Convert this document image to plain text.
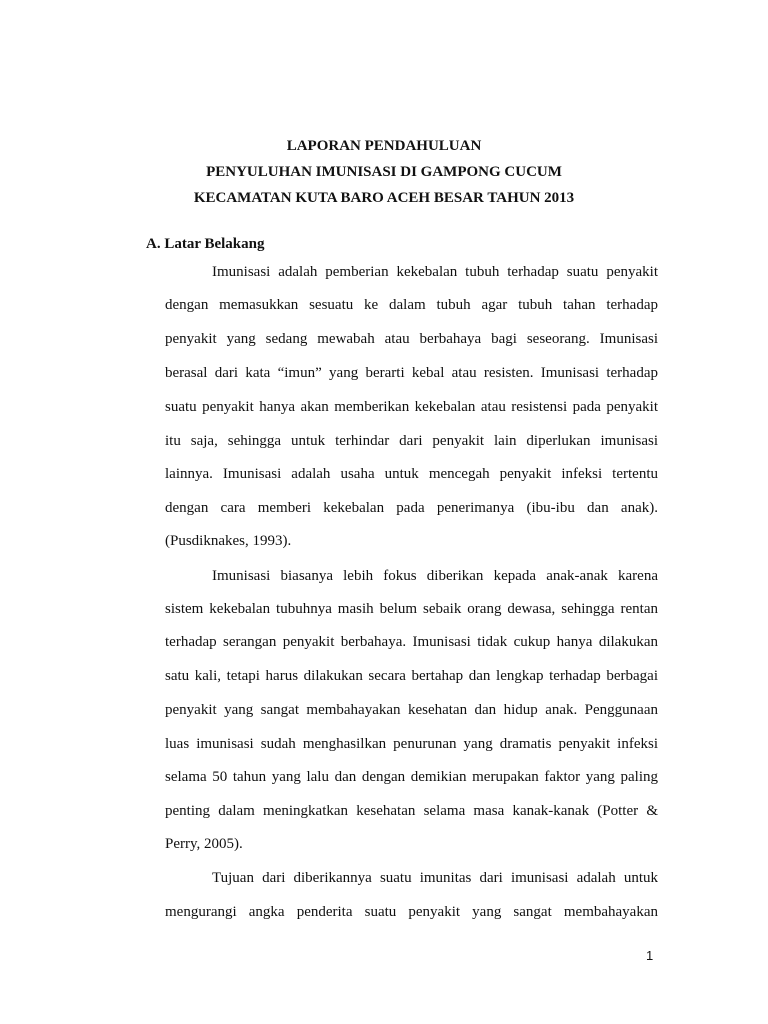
LAPORAN PENDAHULUAN
PENYULUHAN IMUNISASI DI GAMPONG CUCUM
KECAMATAN KUTA BARO ACEH BESAR TAHUN 2013
A. Latar Belakang
Imunisasi adalah pemberian kekebalan tubuh terhadap suatu penyakit
dengan memasukkan sesuatu ke dalam tubuh agar tubuh tahan terhadap
penyakit yang sedang mewabah atau berbahaya bagi seseorang. Imunisasi
berasal dari kata “imun” yang berarti kebal atau resisten. Imunisasi terhadap
suatu penyakit hanya akan memberikan kekebalan atau resistensi pada penyakit
itu saja, sehingga untuk terhindar dari penyakit lain diperlukan imunisasi
lainnya. Imunisasi adalah usaha untuk mencegah penyakit infeksi tertentu
dengan cara memberi kekebalan pada penerimanya (ibu-ibu dan anak).
(Pusdiknakes, 1993).
Imunisasi biasanya lebih fokus diberikan kepada anak-anak karena
sistem kekebalan tubuhnya masih belum sebaik orang dewasa, sehingga rentan
terhadap serangan penyakit berbahaya. Imunisasi tidak cukup hanya dilakukan
satu kali, tetapi harus dilakukan secara bertahap dan lengkap terhadap berbagai
penyakit yang sangat membahayakan kesehatan dan hidup anak. Penggunaan
luas imunisasi sudah menghasilkan penurunan yang dramatis penyakit infeksi
selama 50 tahun yang lalu dan dengan demikian merupakan faktor yang paling
penting dalam meningkatkan kesehatan selama masa kanak-kanak (Potter &
Perry, 2005).
Tujuan dari diberikannya suatu imunitas dari imunisasi adalah untuk
mengurangi angka penderita suatu penyakit yang sangat membahayakan
1
